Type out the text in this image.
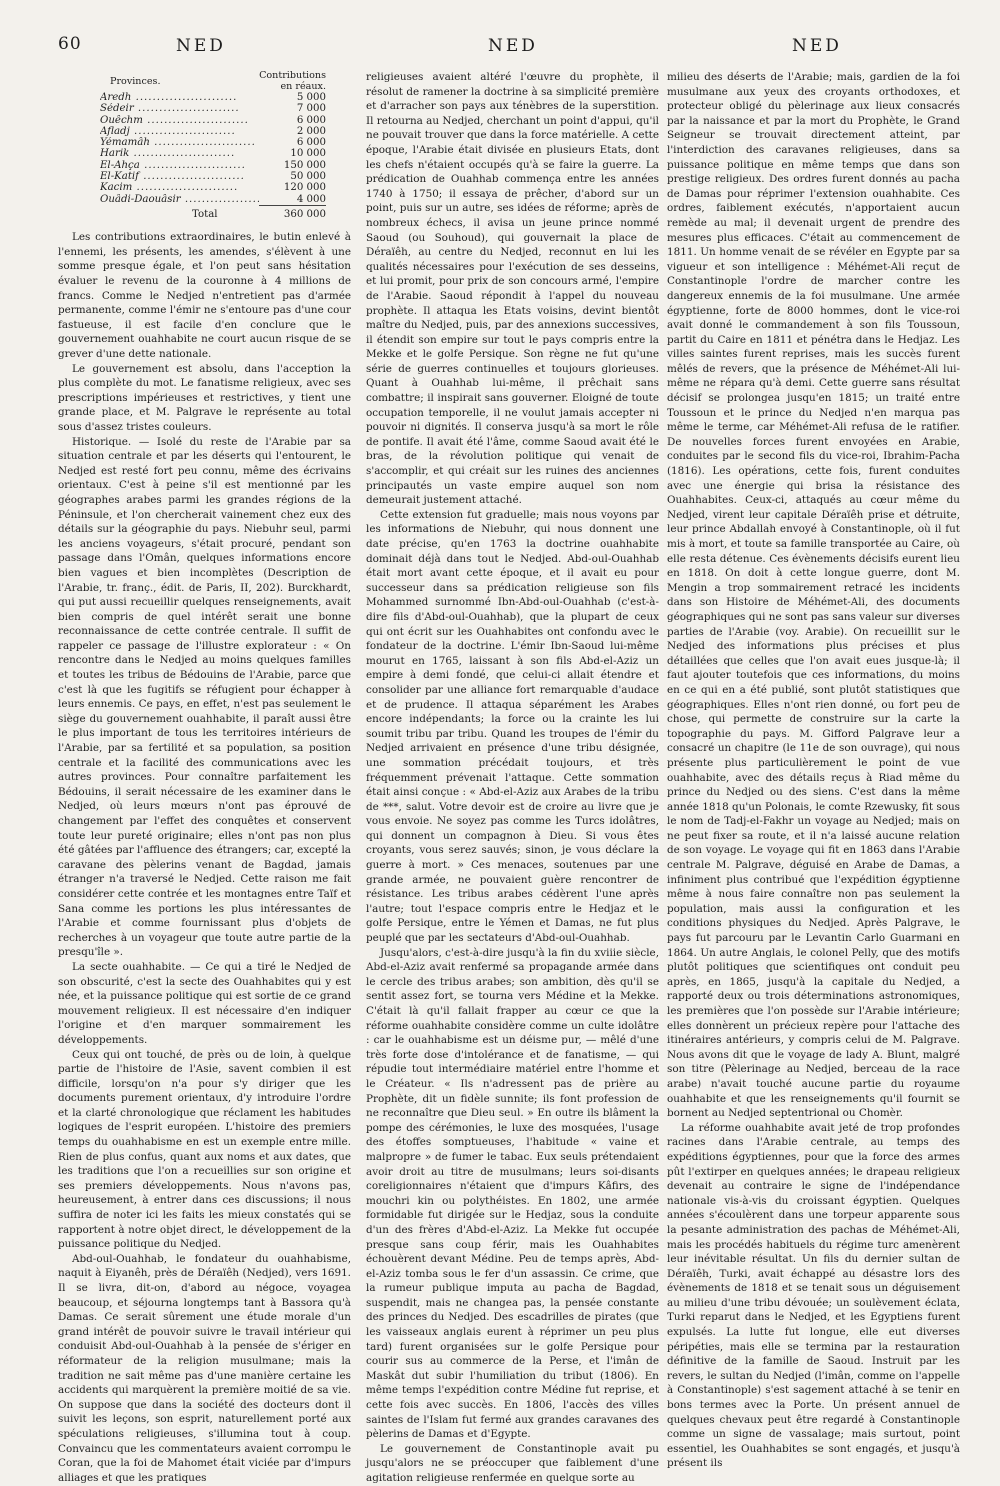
60	NED	NED	NED
Provinces.	Contributions en réaux.
Aredh .....	5 000
Sédeir .....	7 000
Ouêchm .....	6 000
Afladj .....	2 000
Yémamâh .....	6 000
Harik .....	10 000
El-Ahça .....	150 000
El-Katif .....	50 000
Kacim .....	120 000
Ouâdi-Daouâsir .....	4 000
Total	360 000

Les contributions extraordinaires, le butin enlevé à l'ennemi, les présents, les amendes, s'élèvent à une somme presque égale, et l'on peut sans hésitation évaluer le revenu de la couronne à 4 millions de francs. Comme le Nedjed n'entretient pas d'armée permanente, comme l'émir ne s'entoure pas d'une cour fastueuse, il est facile d'en conclure que le gouvernement ouahhabite ne court aucun risque de se grever d'une dette nationale.

Le gouvernement est absolu, dans l'acception la plus complète du mot. Le fanatisme religieux, avec ses prescriptions impérieuses et restrictives, y tient une grande place, et M. Palgrave le représente au total sous d'assez tristes couleurs.

Historique. — Isolé du reste de l'Arabie par sa situation centrale et par les déserts qui l'entourent, le Nedjed est resté fort peu connu, même des écrivains orientaux. C'est à peine s'il est mentionné par les géographes arabes parmi les grandes régions de la Péninsule, et l'on chercherait vainement chez eux des détails sur la géographie du pays. Niebuhr seul, parmi les anciens voyageurs, s'était procuré, pendant son passage dans l'Omân, quelques informations encore bien vagues et bien incomplètes (Description de l'Arabie, tr. franç., édit. de Paris, II, 202). Burckhardt, qui put aussi recueillir quelques renseignements, avait bien compris de quel intérêt serait une bonne reconnaissance de cette contrée centrale. Il suffit de rappeler ce passage de l'illustre explorateur : « On rencontre dans le Nedjed au moins quelques familles et toutes les tribus de Bédouins de l'Arabie, parce que c'est là que les fugitifs se réfugient pour échapper à leurs ennemis. Ce pays, en effet, n'est pas seulement le siège du gouvernement ouahhabite, il paraît aussi être le plus important de tous les territoires intérieurs de l'Arabie, par sa fertilité et sa population, sa position centrale et la facilité des communications avec les autres provinces. Pour connaître parfaitement les Bédouins, il serait nécessaire de les examiner dans le Nedjed, où leurs mœurs n'ont pas éprouvé de changement par l'effet des conquêtes et conservent toute leur pureté originaire; elles n'ont pas non plus été gâtées par l'affluence des étrangers; car, excepté la caravane des pèlerins venant de Bagdad, jamais étranger n'a traversé le Nedjed. Cette raison me fait considérer cette contrée et les montagnes entre Taïf et Sana comme les portions les plus intéressantes de l'Arabie et comme fournissant plus d'objets de recherches à un voyageur que toute autre partie de la presqu'île ».

La secte ouahhabite. — Ce qui a tiré le Nedjed de son obscurité, c'est la secte des Ouahhabites qui y est née, et la puissance politique qui est sortie de ce grand mouvement religieux. Il est nécessaire d'en indiquer l'origine et d'en marquer sommairement les développements.

Ceux qui ont touché, de près ou de loin, à quelque partie de l'histoire de l'Asie, savent combien il est difficile, lorsqu'on n'a pour s'y diriger que les documents purement orientaux, d'y introduire l'ordre et la clarté chronologique que réclament les habitudes logiques de l'esprit européen. L'histoire des premiers temps du ouahhabisme en est un exemple entre mille. Rien de plus confus, quant aux noms et aux dates, que les traditions que l'on a recueillies sur son origine et ses premiers développements. Nous n'avons pas, heureusement, à entrer dans ces discussions; il nous suffira de noter ici les faits les mieux constatés qui se rapportent à notre objet direct, le développement de la puissance politique du Nedjed.

Abd-oul-Ouahhab, le fondateur du ouahhabisme, naquit à Eiyanêh, près de Déraïêh (Nedjed), vers 1691. Il se livra, dit-on, d'abord au négoce, voyagea beaucoup, et séjourna longtemps tant à Bassora qu'à Damas. Ce serait sûrement une étude morale d'un grand intérêt de pouvoir suivre le travail intérieur qui conduisit Abd-oul-Ouahhab à la pensée de s'ériger en réformateur de la religion musulmane; mais la tradition ne sait même pas d'une manière certaine les accidents qui marquèrent la première moitié de sa vie. On suppose que dans la société des docteurs dont il suivit les leçons, son esprit, naturellement porté aux spéculations religieuses, s'illumina tout à coup. Convaincu que les commentateurs avaient corrompu le Coran, que la foi de Mahomet était viciée par d'impurs alliages et que les pratiques

religieuses avaient altéré l'œuvre du prophète, il résolut de ramener la doctrine à sa simplicité première et d'arracher son pays aux ténèbres de la superstition. Il retourna au Nedjed, cherchant un point d'appui, qu'il ne pouvait trouver que dans la force matérielle. A cette époque, l'Arabie était divisée en plusieurs Etats, dont les chefs n'étaient occupés qu'à se faire la guerre. La prédication de Ouahhab commença entre les années 1740 à 1750; il essaya de prêcher, d'abord sur un point, puis sur un autre, ses idées de réforme; après de nombreux échecs, il avisa un jeune prince nommé Saoud (ou Souhoud), qui gouvernait la place de Déraïêh, au centre du Nedjed, reconnut en lui les qualités nécessaires pour l'exécution de ses desseins, et lui promit, pour prix de son concours armé, l'empire de l'Arabie. Saoud répondit à l'appel du nouveau prophète. Il attaqua les Etats voisins, devint bientôt maître du Nedjed, puis, par des annexions successives, il étendit son empire sur tout le pays compris entre la Mekke et le golfe Persique. Son règne ne fut qu'une série de guerres continuelles et toujours glorieuses. Quant à Ouahhab lui-même, il prêchait sans combattre; il inspirait sans gouverner. Eloigné de toute occupation temporelle, il ne voulut jamais accepter ni pouvoir ni dignités. Il conserva jusqu'à sa mort le rôle de pontife. Il avait été l'âme, comme Saoud avait été le bras, de la révolution politique qui venait de s'accomplir, et qui créait sur les ruines des anciennes principautés un vaste empire auquel son nom demeurait justement attaché.

Cette extension fut graduelle; mais nous voyons par les informations de Niebuhr, qui nous donnent une date précise, qu'en 1763 la doctrine ouahhabite dominait déjà dans tout le Nedjed. Abd-oul-Ouahhab était mort avant cette époque, et il avait eu pour successeur dans sa prédication religieuse son fils Mohammed surnommé Ibn-Abd-oul-Ouahhab (c'est-à-dire fils d'Abd-oul-Ouahhab), que la plupart de ceux qui ont écrit sur les Ouahhabites ont confondu avec le fondateur de la doctrine. L'émir Ibn-Saoud lui-même mourut en 1765, laissant à son fils Abd-el-Aziz un empire à demi fondé, que celui-ci allait étendre et consolider par une alliance fort remarquable d'audace et de prudence. Il attaqua séparément les Arabes encore indépendants; la force ou la crainte les lui soumit tribu par tribu. Quand les troupes de l'émir du Nedjed arrivaient en présence d'une tribu désignée, une sommation précédait toujours, et très fréquemment prévenait l'attaque. Cette sommation était ainsi conçue : « Abd-el-Aziz aux Arabes de la tribu de ***, salut. Votre devoir est de croire au livre que je vous envoie. Ne soyez pas comme les Turcs idolâtres, qui donnent un compagnon à Dieu. Si vous êtes croyants, vous serez sauvés; sinon, je vous déclare la guerre à mort. » Ces menaces, soutenues par une grande armée, ne pouvaient guère rencontrer de résistance. Les tribus arabes cédèrent l'une après l'autre; tout l'espace compris entre le Hedjaz et le golfe Persique, entre le Yémen et Damas, ne fut plus peuplé que par les sectateurs d'Abd-oul-Ouahhab.

Jusqu'alors, c'est-à-dire jusqu'à la fin du xviiie siècle, Abd-el-Aziz avait renfermé sa propagande armée dans le cercle des tribus arabes; son ambition, dès qu'il se sentit assez fort, se tourna vers Médine et la Mekke. C'était là qu'il fallait frapper au cœur ce que la réforme ouahhabite considère comme un culte idolâtre : car le ouahhabisme est un déisme pur, — mêlé d'une très forte dose d'intolérance et de fanatisme, — qui répudie tout intermédiaire matériel entre l'homme et le Créateur. « Ils n'adressent pas de prière au Prophète, dit un fidèle sunnite; ils font profession de ne reconnaître que Dieu seul. » En outre ils blâment la pompe des cérémonies, le luxe des mosquées, l'usage des étoffes somptueuses, l'habitude « vaine et malpropre » de fumer le tabac. Eux seuls prétendaient avoir droit au titre de musulmans; leurs soi-disants coreligionnaires n'étaient que d'impurs Kâfirs, des mouchri kin ou polythéistes. En 1802, une armée formidable fut dirigée sur le Hedjaz, sous la conduite d'un des frères d'Abd-el-Aziz. La Mekke fut occupée presque sans coup férir, mais les Ouahhabites échouèrent devant Médine. Peu de temps après, Abd-el-Aziz tomba sous le fer d'un assassin. Ce crime, que la rumeur publique imputa au pacha de Bagdad, suspendit, mais ne changea pas, la pensée constante des princes du Nedjed. Des escadrilles de pirates (que les vaisseaux anglais eurent à réprimer un peu plus tard) furent organisées sur le golfe Persique pour courir sus au commerce de la Perse, et l'imân de Maskât dut subir l'humiliation du tribut (1806). En même temps l'expédition contre Médine fut reprise, et cette fois avec succès. En 1806, l'accès des villes saintes de l'Islam fut fermé aux grandes caravanes des pèlerins de Damas et d'Egypte.

Le gouvernement de Constantinople avait pu jusqu'alors ne se préoccuper que faiblement d'une agitation religieuse renfermée en quelque sorte au

milieu des déserts de l'Arabie; mais, gardien de la foi musulmane aux yeux des croyants orthodoxes, et protecteur obligé du pèlerinage aux lieux consacrés par la naissance et par la mort du Prophète, le Grand Seigneur se trouvait directement atteint, par l'interdiction des caravanes religieuses, dans sa puissance politique en même temps que dans son prestige religieux. Des ordres furent donnés au pacha de Damas pour réprimer l'extension ouahhabite. Ces ordres, faiblement exécutés, n'apportaient aucun remède au mal; il devenait urgent de prendre des mesures plus efficaces. C'était au commencement de 1811. Un homme venait de se révéler en Egypte par sa vigueur et son intelligence : Méhémet-Ali reçut de Constantinople l'ordre de marcher contre les dangereux ennemis de la foi musulmane. Une armée égyptienne, forte de 8000 hommes, dont le vice-roi avait donné le commandement à son fils Toussoun, partit du Caire en 1811 et pénétra dans le Hedjaz. Les villes saintes furent reprises, mais les succès furent mêlés de revers, que la présence de Méhémet-Ali lui-même ne répara qu'à demi. Cette guerre sans résultat décisif se prolongea jusqu'en 1815; un traité entre Toussoun et le prince du Nedjed n'en marqua pas même le terme, car Méhémet-Ali refusa de le ratifier. De nouvelles forces furent envoyées en Arabie, conduites par le second fils du vice-roi, Ibrahim-Pacha (1816). Les opérations, cette fois, furent conduites avec une énergie qui brisa la résistance des Ouahhabites. Ceux-ci, attaqués au cœur même du Nedjed, virent leur capitale Déraïêh prise et détruite, leur prince Abdallah envoyé à Constantinople, où il fut mis à mort, et toute sa famille transportée au Caire, où elle resta détenue. Ces évènements décisifs eurent lieu en 1818. On doit à cette longue guerre, dont M. Mengin a trop sommairement retracé les incidents dans son Histoire de Méhémet-Ali, des documents géographiques qui ne sont pas sans valeur sur diverses parties de l'Arabie (voy. Arabie). On recueillit sur le Nedjed des informations plus précises et plus détaillées que celles que l'on avait eues jusque-là; il faut ajouter toutefois que ces informations, du moins en ce qui en a été publié, sont plutôt statistiques que géographiques. Elles n'ont rien donné, ou fort peu de chose, qui permette de construire sur la carte la topographie du pays. M. Gifford Palgrave leur a consacré un chapitre (le 11e de son ouvrage), qui nous présente plus particulièrement le point de vue ouahhabite, avec des détails reçus à Riad même du prince du Nedjed ou des siens. C'est dans la même année 1818 qu'un Polonais, le comte Rzewusky, fit sous le nom de Tadj-el-Fakhr un voyage au Nedjed; mais on ne peut fixer sa route, et il n'a laissé aucune relation de son voyage. Le voyage qui fit en 1863 dans l'Arabie centrale M. Palgrave, déguisé en Arabe de Damas, a infiniment plus contribué que l'expédition égyptienne même à nous faire connaître non pas seulement la population, mais aussi la configuration et les conditions physiques du Nedjed. Après Palgrave, le pays fut parcouru par le Levantin Carlo Guarmani en 1864. Un autre Anglais, le colonel Pelly, que des motifs plutôt politiques que scientifiques ont conduit peu après, en 1865, jusqu'à la capitale du Nedjed, a rapporté deux ou trois déterminations astronomiques, les premières que l'on possède sur l'Arabie intérieure; elles donnèrent un précieux repère pour l'attache des itinéraires antérieurs, y compris celui de M. Palgrave. Nous avons dit que le voyage de lady A. Blunt, malgré son titre (Pèlerinage au Nedjed, berceau de la race arabe) n'avait touché aucune partie du royaume ouahhabite et que les renseignements qu'il fournit se bornent au Nedjed septentrional ou Chomèr.

La réforme ouahhabite avait jeté de trop profondes racines dans l'Arabie centrale, au temps des expéditions égyptiennes, pour que la force des armes pût l'extirper en quelques années; le drapeau religieux devenait au contraire le signe de l'indépendance nationale vis-à-vis du croissant égyptien. Quelques années s'écoulèrent dans une torpeur apparente sous la pesante administration des pachas de Méhémet-Ali, mais les procédés habituels du régime turc amenèrent leur inévitable résultat. Un fils du dernier sultan de Déraïêh, Turki, avait échappé au désastre lors des évènements de 1818 et se tenait sous un déguisement au milieu d'une tribu dévouée; un soulèvement éclata, Turki reparut dans le Nedjed, et les Egyptiens furent expulsés. La lutte fut longue, elle eut diverses péripéties, mais elle se termina par la restauration définitive de la famille de Saoud. Instruit par les revers, le sultan du Nedjed (l'imân, comme on l'appelle à Constantinople) s'est sagement attaché à se tenir en bons termes avec la Porte. Un présent annuel de quelques chevaux peut être regardé à Constantinople comme un signe de vassalage; mais surtout, point essentiel, les Ouahhabites se sont engagés, et jusqu'à présent ils
